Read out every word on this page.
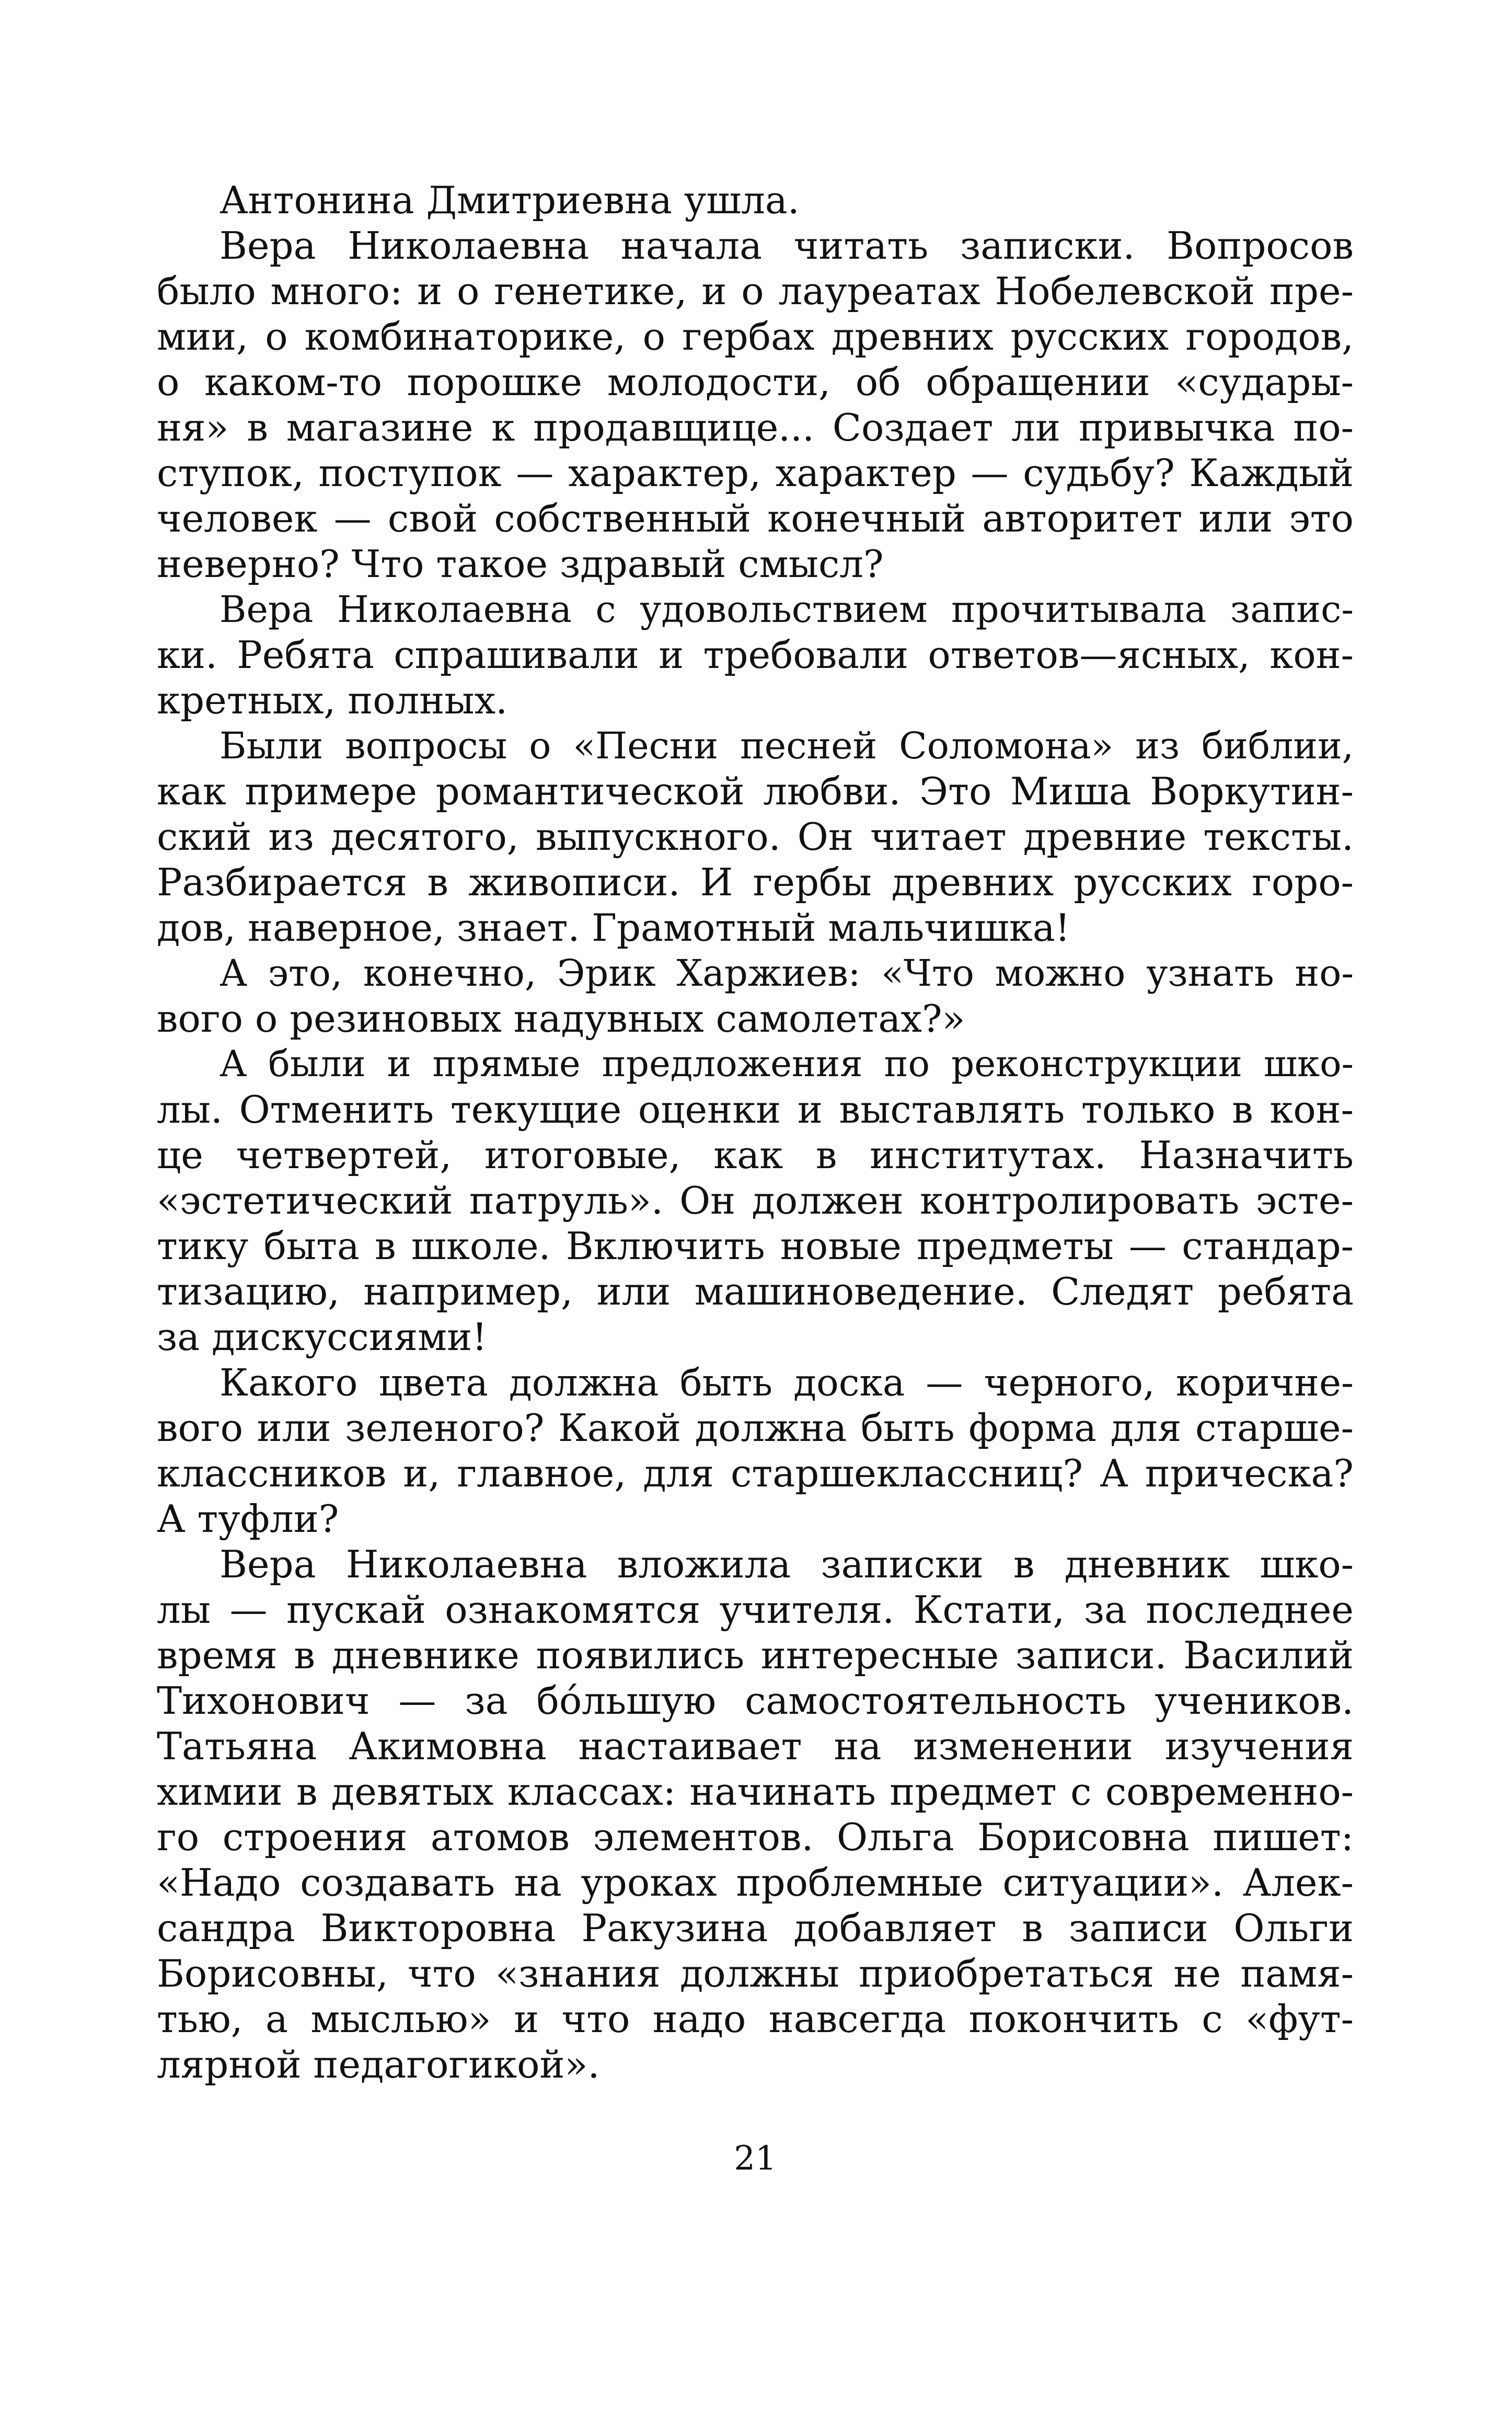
Антонина Дмитриевна ушла.
Вера Николаевна начала читать записки. Вопросов
было много: и о генетике, и о лауреатах Нобелевской пре-
мии, о комбинаторике, о гербах древних русских городов,
о каком-то порошке молодости, об обращении «судары-
ня» в магазине к продавщице... Создает ли привычка по-
ступок, поступок — характер, характер — судьбу? Каждый
человек — свой собственный конечный авторитет или это
неверно? Что такое здравый смысл?
Вера Николаевна с удовольствием прочитывала запис-
ки. Ребята спрашивали и требовали ответов—ясных, кон-
кретных, полных.
Были вопросы о «Песни песней Соломона» из библии,
как примере романтической любви. Это Миша Воркутин-
ский из десятого, выпускного. Он читает древние тексты.
Разбирается в живописи. И гербы древних русских горо-
дов, наверное, знает. Грамотный мальчишка!
А это, конечно, Эрик Харжиев: «Что можно узнать но-
вого о резиновых надувных самолетах?»
А были и прямые предложения по реконструкции шко-
лы. Отменить текущие оценки и выставлять только в кон-
це четвертей, итоговые, как в институтах. Назначить
«эстетический патруль». Он должен контролировать эсте-
тику быта в школе. Включить новые предметы — стандар-
тизацию, например, или машиноведение. Следят ребята
за дискуссиями!
Какого цвета должна быть доска — черного, коричне-
вого или зеленого? Какой должна быть форма для старше-
классников и, главное, для старшеклассниц? А прическа?
А туфли?
Вера Николаевна вложила записки в дневник шко-
лы — пускай ознакомятся учителя. Кстати, за последнее
время в дневнике появились интересные записи. Василий
Тихонович — за бóльшую самостоятельность учеников.
Татьяна Акимовна настаивает на изменении изучения
химии в девятых классах: начинать предмет с современно-
го строения атомов элементов. Ольга Борисовна пишет:
«Надо создавать на уроках проблемные ситуации». Алек-
сандра Викторовна Ракузина добавляет в записи Ольги
Борисовны, что «знания должны приобретаться не памя-
тью, а мыслью» и что надо навсегда покончить с «фут-
лярной педагогикой».
21
